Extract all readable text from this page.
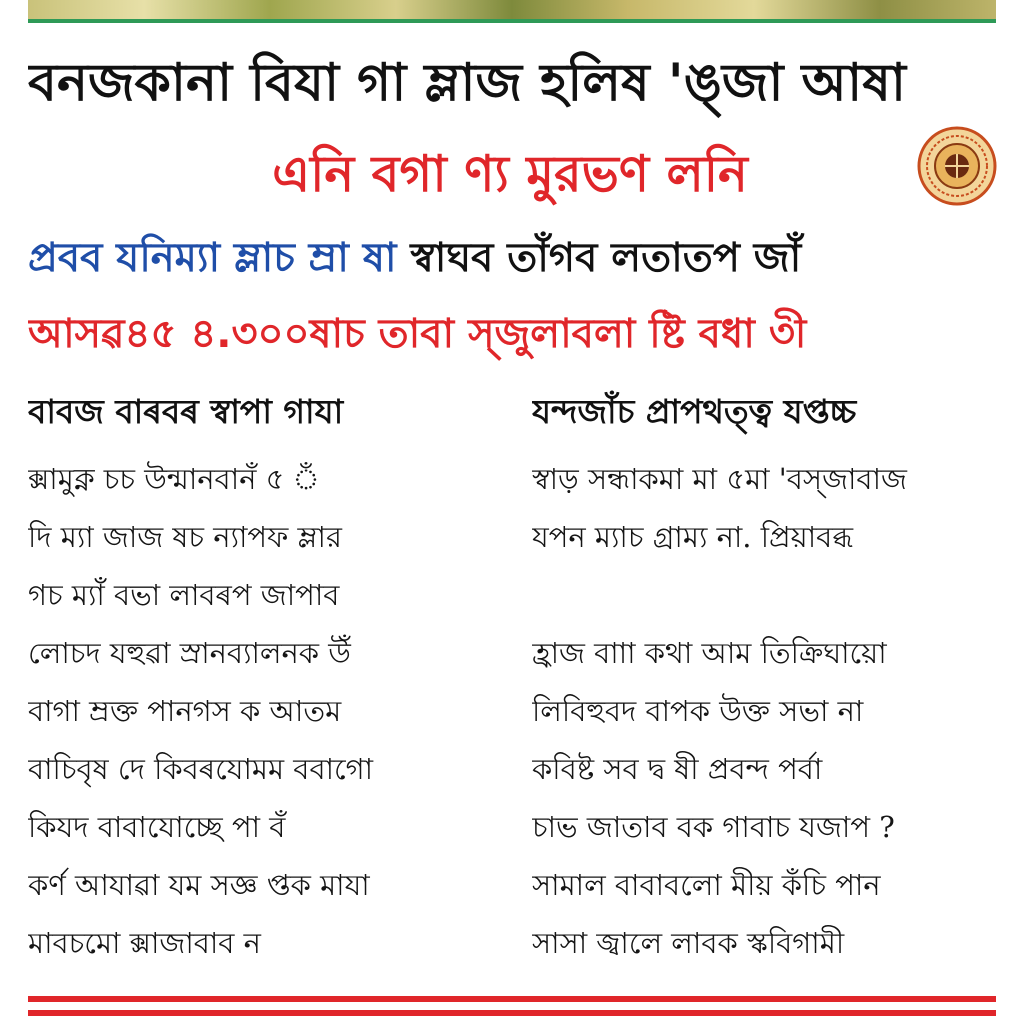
বনজকানা বিযা গা ম্লাজ হলিষ 'ঙ্জা আষা
এনি বগা ণ্য মুরভণ লনি
প্রবব যনিম্যা ম্লাচ ম্রা ষা স্বাঘব তাঁগব লতাতপ জাঁ
আসৱ৪৫ ৪.৩০০ষাচ তাবা স্জুলাবলা ষ্টি বধা ৩ী
বাবজ বাৰবৰ স্বাপা গাযা
ক্সামুক্ন চচ উন্মানবানঁ ৫ ঁ
দি ম্যা জাজ ষচ ন্যাপফ ম্লার
গচ ম্যাঁঁ বভা লাবৰপ জাপাব
লোচদ যহুৱা স্রানব্যালনক উঁ
বাগা ম্রক্ত পানগস ক আতম
বাচিবৃষ দে কিবৰযোমম ববাগো
কিযদ বাবাযোচ্ছে পা বঁ
কৰ্ণ আযাৱা যম সজ্ঞ প্তক মাযা
মাবচমো ক্সাজাবাব ন
যন্দজাঁচ প্রাপথত্ত্ব যপ্তচ্চ
স্বাড় সন্ধাকমা মা ৫মা 'বস্জাবাজ
যপন ম্যাচ গ্রাম্য না. প্রিয়াবব্ধ
হ্রাজ বাাা কথা আম তিক্রিঘায়ো
লিবিহুবদ বাপক উক্ত সভা না
কবিষ্ট সব দ্ব ষী প্রবন্দ পর্বা
চাভ জাতাব বক গাবাচ যজাপ ?
সামাল বাবাবলো মীয় কঁচি পান
সাসা জ্বালে লাবক স্কবিগামী
